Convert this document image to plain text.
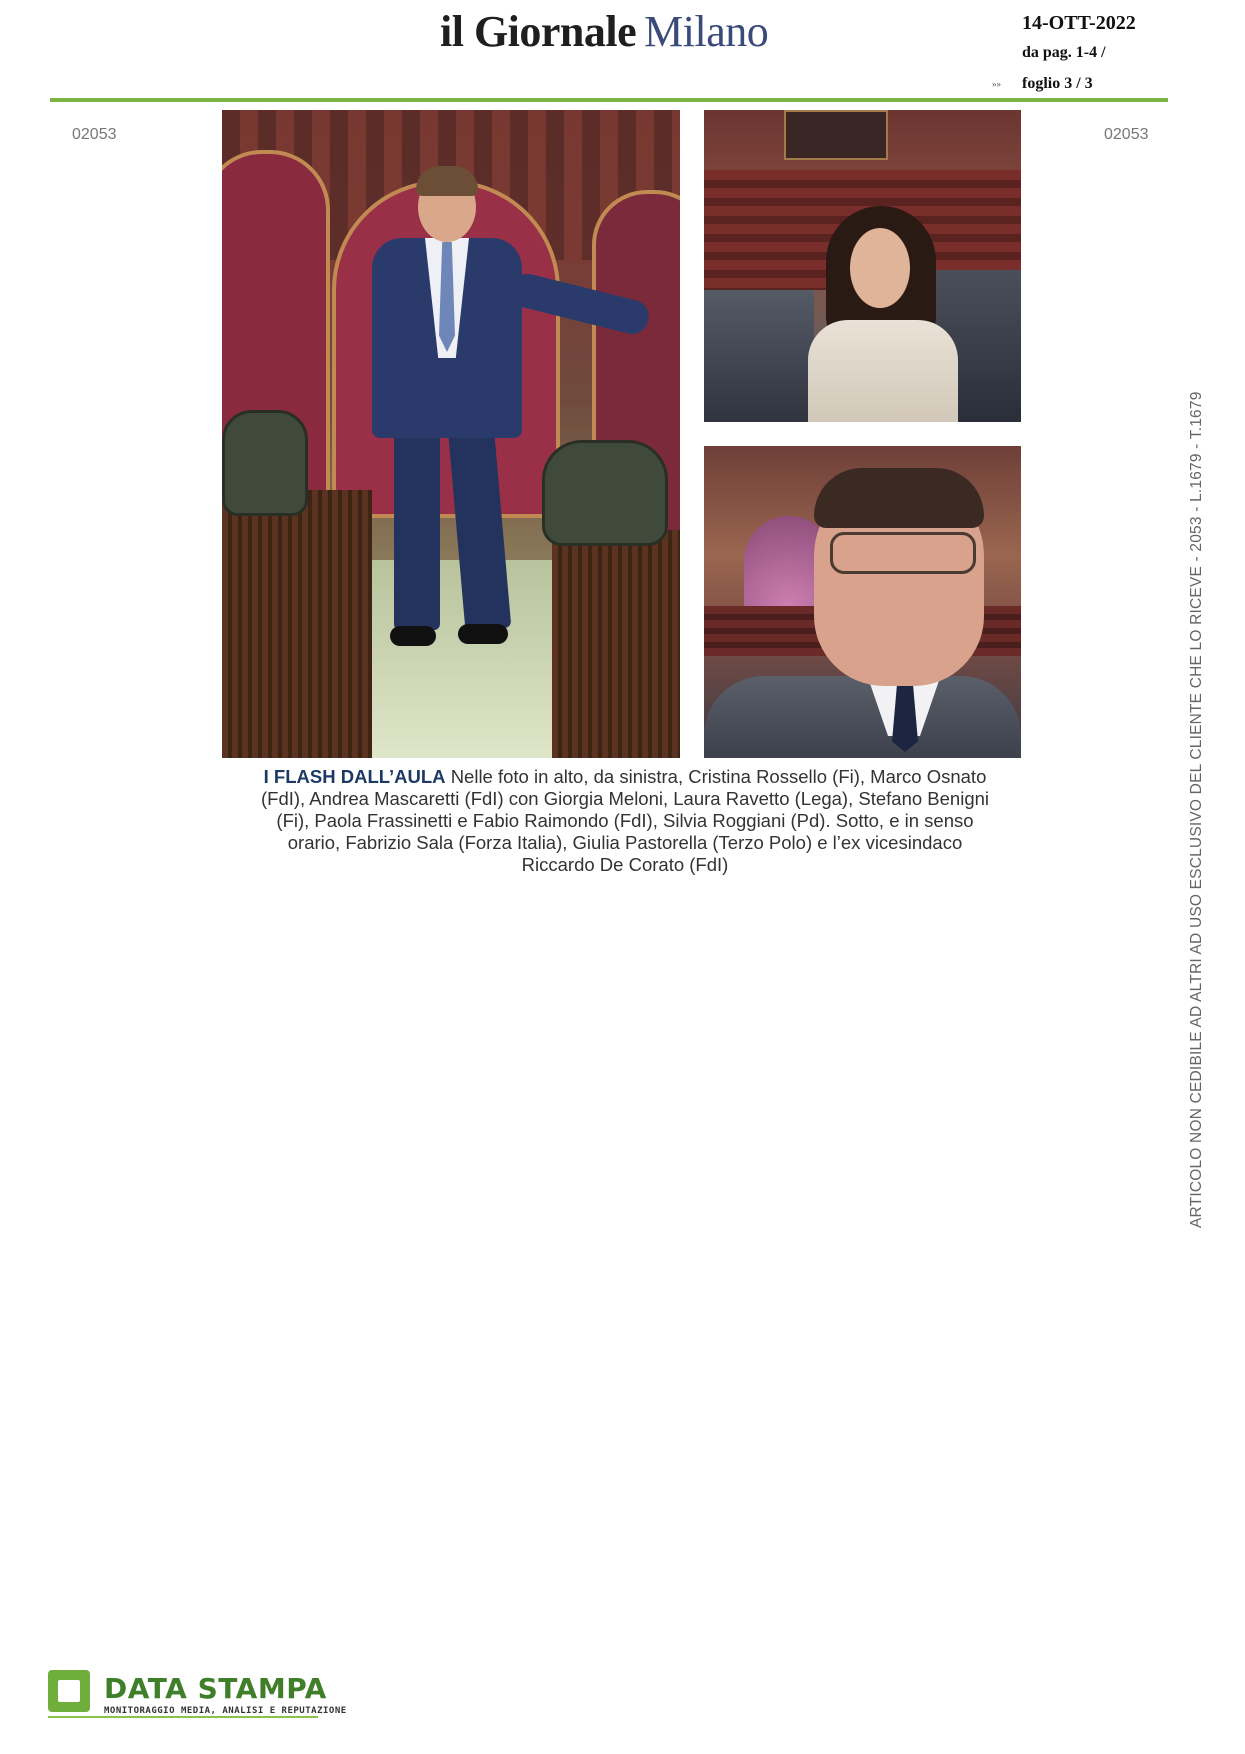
il Giornale Milano	14-OTT-2022
da pag. 1-4 /
»» foglio 3 / 3
02053	02053
I FLASH DALL’AULA Nelle foto in alto, da sinistra, Cristina Rossello (Fi), Marco Osnato (FdI), Andrea Mascaretti (FdI) con Giorgia Meloni, Laura Ravetto (Lega), Stefano Benigni (Fi), Paola Frassinetti e Fabio Raimondo (FdI), Silvia Roggiani (Pd). Sotto, e in senso orario, Fabrizio Sala (Forza Italia), Giulia Pastorella (Terzo Polo) e l’ex vicesindaco Riccardo De Corato (FdI)	ARTICOLO NON CEDIBILE AD ALTRI AD USO ESCLUSIVO DEL CLIENTE CHE LO RICEVE - 2053 - L.1679 - T.1679
DATA STAMPA
MONITORAGGIO MEDIA, ANALISI E REPUTAZIONE
